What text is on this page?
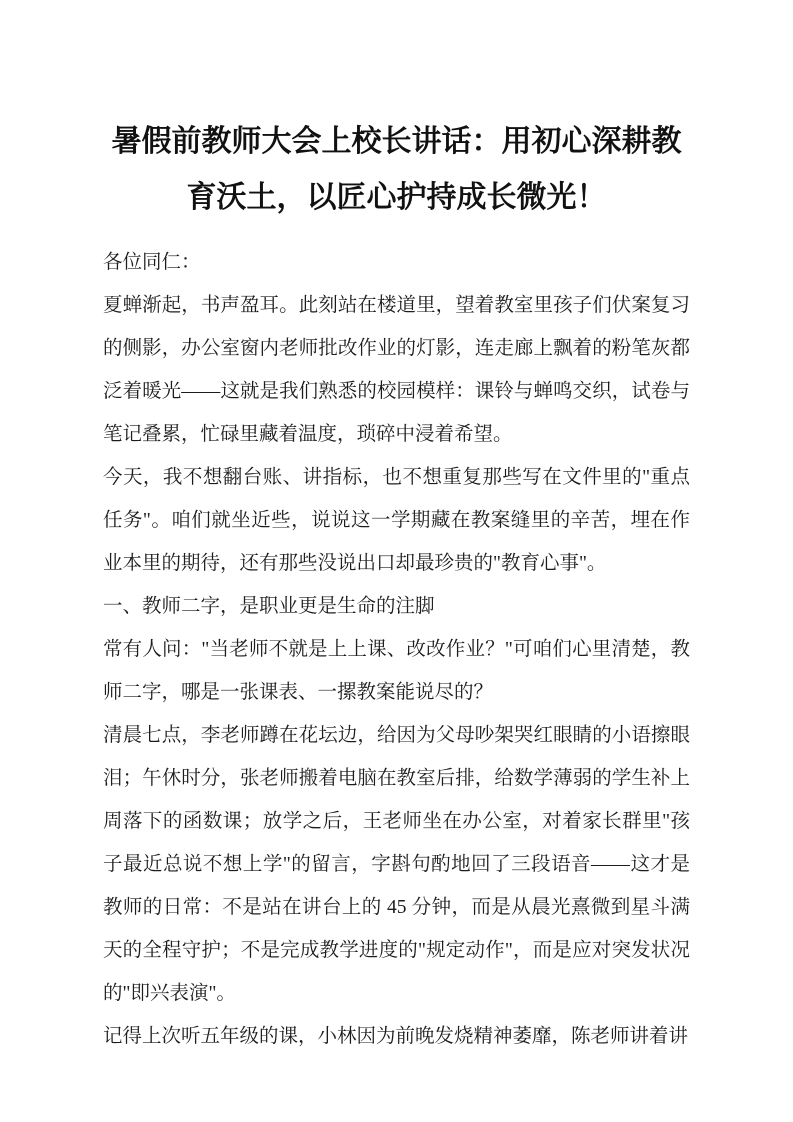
暑假前教师大会上校长讲话：用初心深耕教
育沃土，以匠心护持成长微光！

各位同仁：

夏蝉渐起，书声盈耳。此刻站在楼道里，望着教室里孩子们伏案复习的侧影，办公室窗内老师批改作业的灯影，连走廊上飘着的粉笔灰都泛着暖光——这就是我们熟悉的校园模样：课铃与蝉鸣交织，试卷与笔记叠累，忙碌里藏着温度，琐碎中浸着希望。

今天，我不想翻台账、讲指标，也不想重复那些写在文件里的"重点任务"。咱们就坐近些，说说这一学期藏在教案缝里的辛苦，埋在作业本里的期待，还有那些没说出口却最珍贵的"教育心事"。

一、教师二字，是职业更是生命的注脚

常有人问："当老师不就是上上课、改改作业？"可咱们心里清楚，教师二字，哪是一张课表、一摞教案能说尽的？

清晨七点，李老师蹲在花坛边，给因为父母吵架哭红眼睛的小语擦眼泪；午休时分，张老师搬着电脑在教室后排，给数学薄弱的学生补上周落下的函数课；放学之后，王老师坐在办公室，对着家长群里"孩子最近总说不想上学"的留言，字斟句酌地回了三段语音——这才是教师的日常：不是站在讲台上的 45 分钟，而是从晨光熹微到星斗满天的全程守护；不是完成教学进度的"规定动作"，而是应对突发状况的"即兴表演"。

记得上次听五年级的课，小林因为前晚发烧精神萎靡，陈老师讲着讲
